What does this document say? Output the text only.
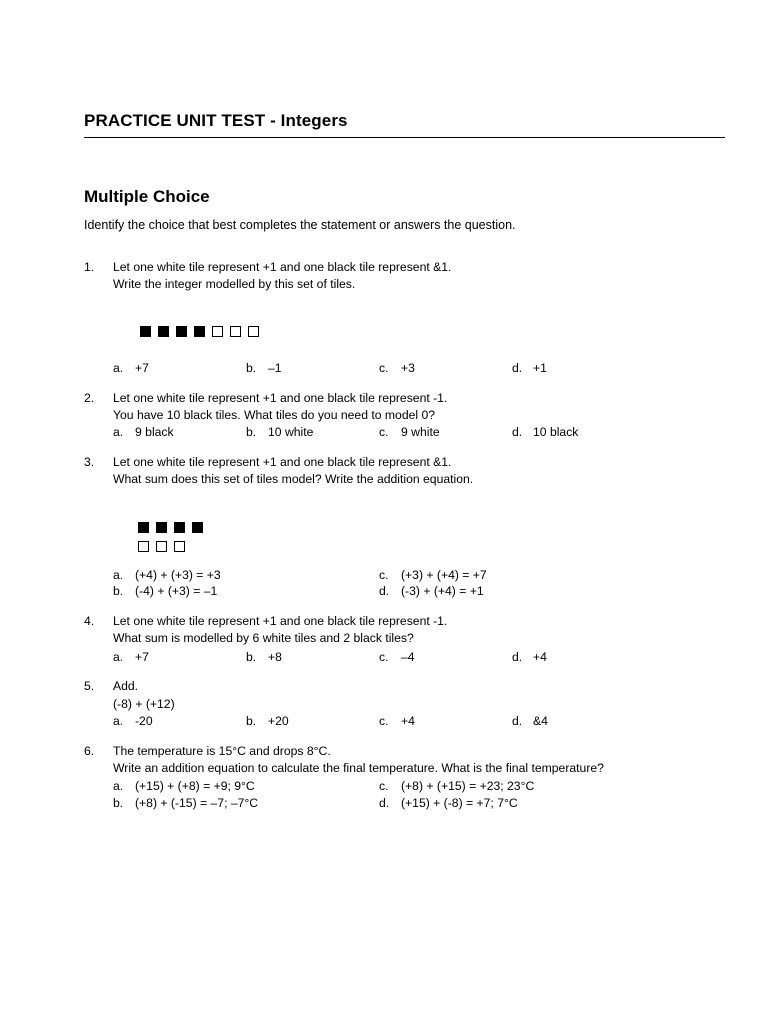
PRACTICE UNIT TEST - Integers
Multiple Choice
Identify the choice that best completes the statement or answers the question.
1. Let one white tile represent +1 and one black tile represent &1.
Write the integer modelled by this set of tiles.
a. +7	b. –1	c. +3	d. +1
2. Let one white tile represent +1 and one black tile represent -1.
You have 10 black tiles. What tiles do you need to model 0?
a. 9 black	b. 10 white	c. 9 white	d. 10 black
3. Let one white tile represent +1 and one black tile represent &1.
What sum does this set of tiles model? Write the addition equation.
a. (+4) + (+3) = +3	c. (+3) + (+4) = +7
b. (-4) + (+3) = –1	d. (-3) + (+4) = +1
4. Let one white tile represent +1 and one black tile represent -1.
What sum is modelled by 6 white tiles and 2 black tiles?
a. +7	b. +8	c. –4	d. +4
5. Add.
(-8) + (+12)
a. -20	b. +20	c. +4	d. &4
6. The temperature is 15°C and drops 8°C.
Write an addition equation to calculate the final temperature. What is the final temperature?
a. (+15) + (+8) = +9; 9°C	c. (+8) + (+15) = +23; 23°C
b. (+8) + (-15) = –7; –7°C	d. (+15) + (-8) = +7; 7°C
